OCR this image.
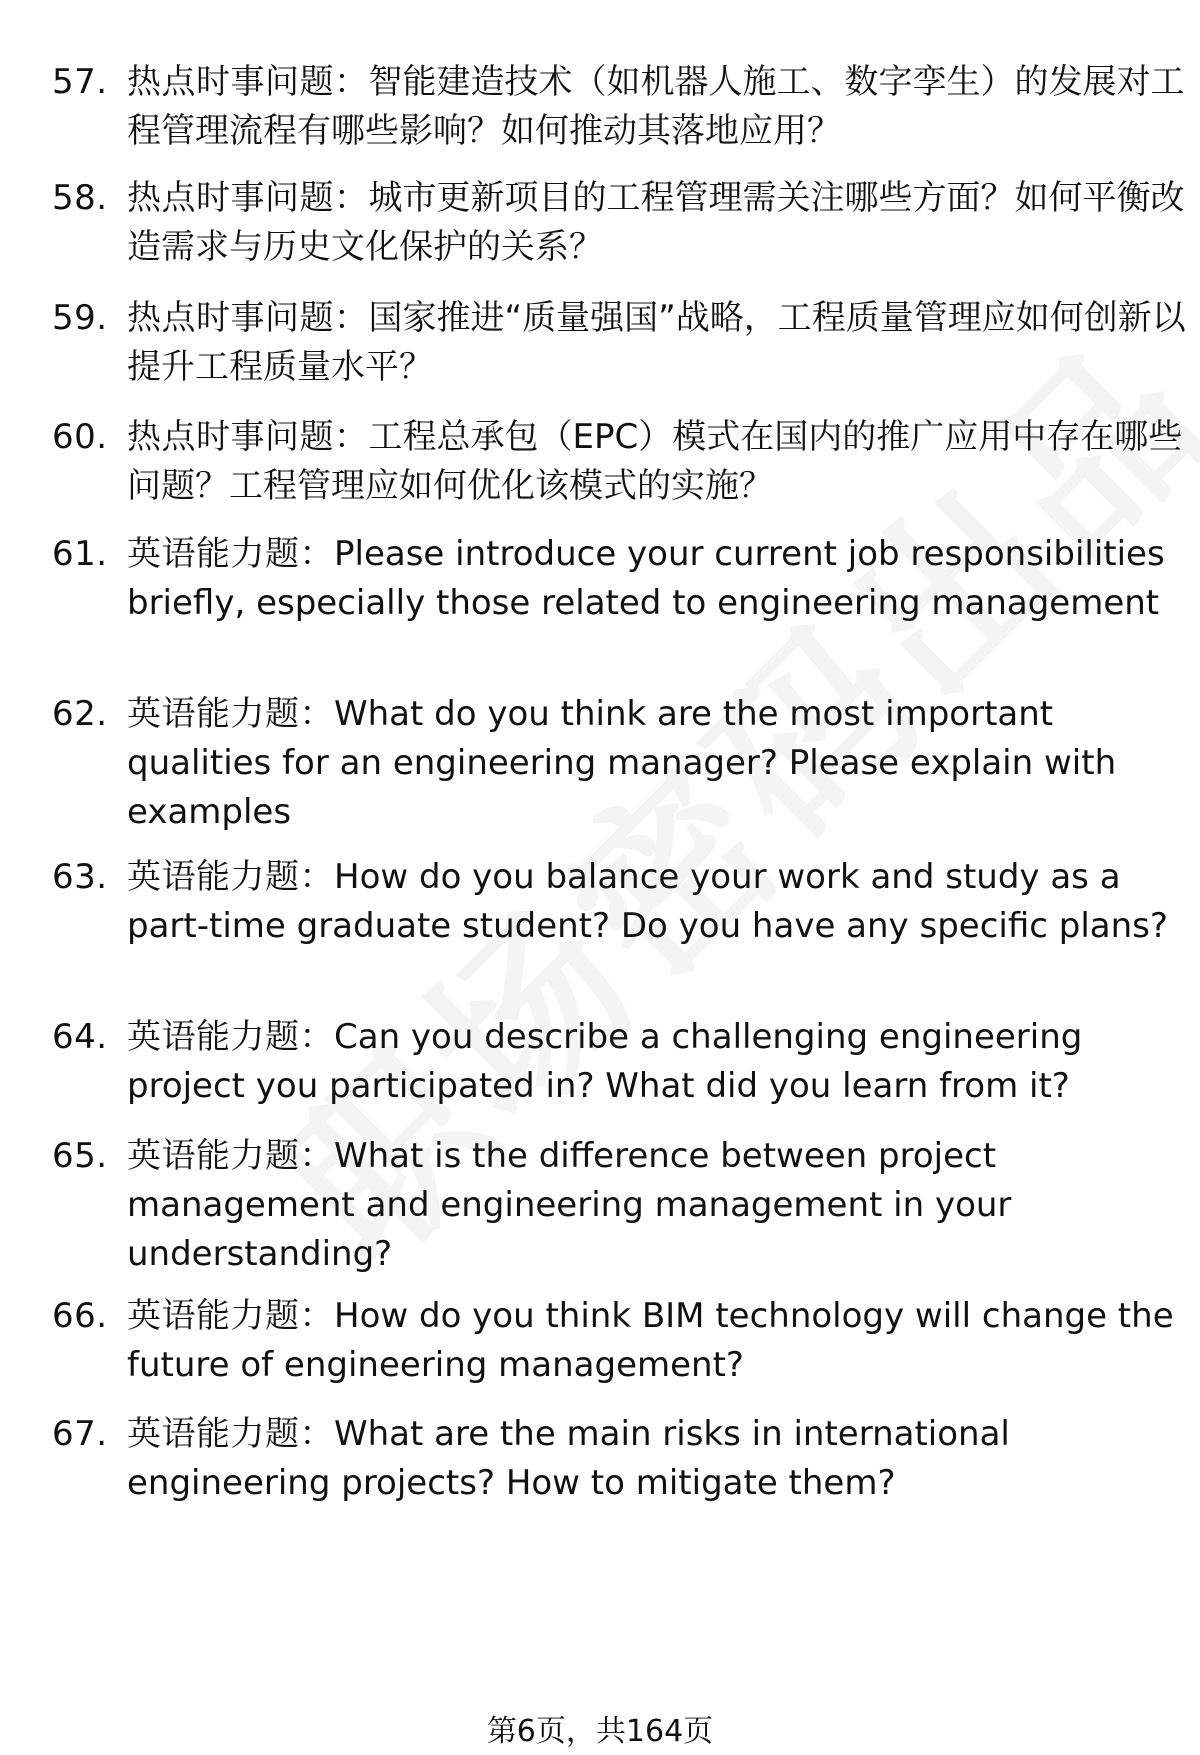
57. 热点时事问题：智能建造技术（如机器人施工、数字孪生）的发展对工程管理流程有哪些影响？如何推动其落地应用？
58. 热点时事问题：城市更新项目的工程管理需关注哪些方面？如何平衡改造需求与历史文化保护的关系？
59. 热点时事问题：国家推进“质量强国”战略，工程质量管理应如何创新以提升工程质量水平？
60. 热点时事问题：工程总承包（EPC）模式在国内的推广应用中存在哪些问题？工程管理应如何优化该模式的实施？
61. 英语能力题：Please introduce your current job responsibilities briefly, especially those related to engineering management
62. 英语能力题：What do you think are the most important qualities for an engineering manager? Please explain with examples
63. 英语能力题：How do you balance your work and study as a part-time graduate student? Do you have any specific plans?
64. 英语能力题：Can you describe a challenging engineering project you participated in? What did you learn from it?
65. 英语能力题：What is the difference between project management and engineering management in your understanding?
66. 英语能力题：How do you think BIM technology will change the future of engineering management?
67. 英语能力题：What are the main risks in international engineering projects? How to mitigate them?
第6页，共164页
